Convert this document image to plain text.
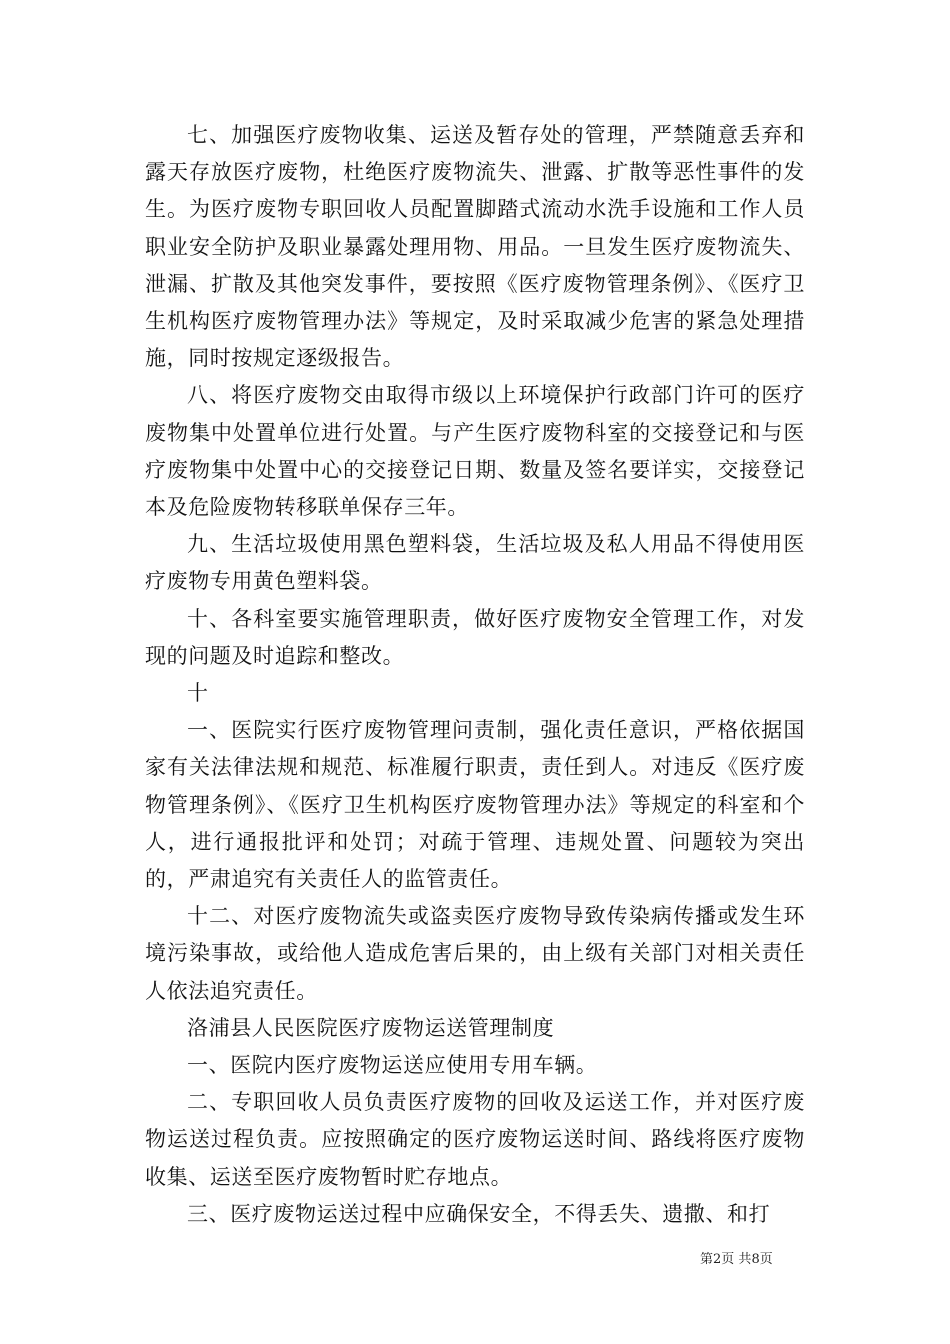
七、加强医疗废物收集、运送及暂存处的管理，严禁随意丢弃和露天存放医疗废物，杜绝医疗废物流失、泄露、扩散等恶性事件的发生。为医疗废物专职回收人员配置脚踏式流动水洗手设施和工作人员职业安全防护及职业暴露处理用物、用品。一旦发生医疗废物流失、泄漏、扩散及其他突发事件，要按照《医疗废物管理条例》、《医疗卫生机构医疗废物管理办法》等规定，及时采取减少危害的紧急处理措施，同时按规定逐级报告。

八、将医疗废物交由取得市级以上环境保护行政部门许可的医疗废物集中处置单位进行处置。与产生医疗废物科室的交接登记和与医疗废物集中处置中心的交接登记日期、数量及签名要详实，交接登记本及危险废物转移联单保存三年。

九、生活垃圾使用黑色塑料袋，生活垃圾及私人用品不得使用医疗废物专用黄色塑料袋。

十、各科室要实施管理职责，做好医疗废物安全管理工作，对发现的问题及时追踪和整改。

十

一、医院实行医疗废物管理问责制，强化责任意识，严格依据国家有关法律法规和规范、标准履行职责，责任到人。对违反《医疗废物管理条例》、《医疗卫生机构医疗废物管理办法》等规定的科室和个人，进行通报批评和处罚；对疏于管理、违规处置、问题较为突出的，严肃追究有关责任人的监管责任。

十二、对医疗废物流失或盗卖医疗废物导致传染病传播或发生环境污染事故，或给他人造成危害后果的，由上级有关部门对相关责任人依法追究责任。

洛浦县人民医院医疗废物运送管理制度

一、医院内医疗废物运送应使用专用车辆。

二、专职回收人员负责医疗废物的回收及运送工作，并对医疗废物运送过程负责。应按照确定的医疗废物运送时间、路线将医疗废物收集、运送至医疗废物暂时贮存地点。

三、医疗废物运送过程中应确保安全，不得丢失、遗撒、和打

第2页 共8页
